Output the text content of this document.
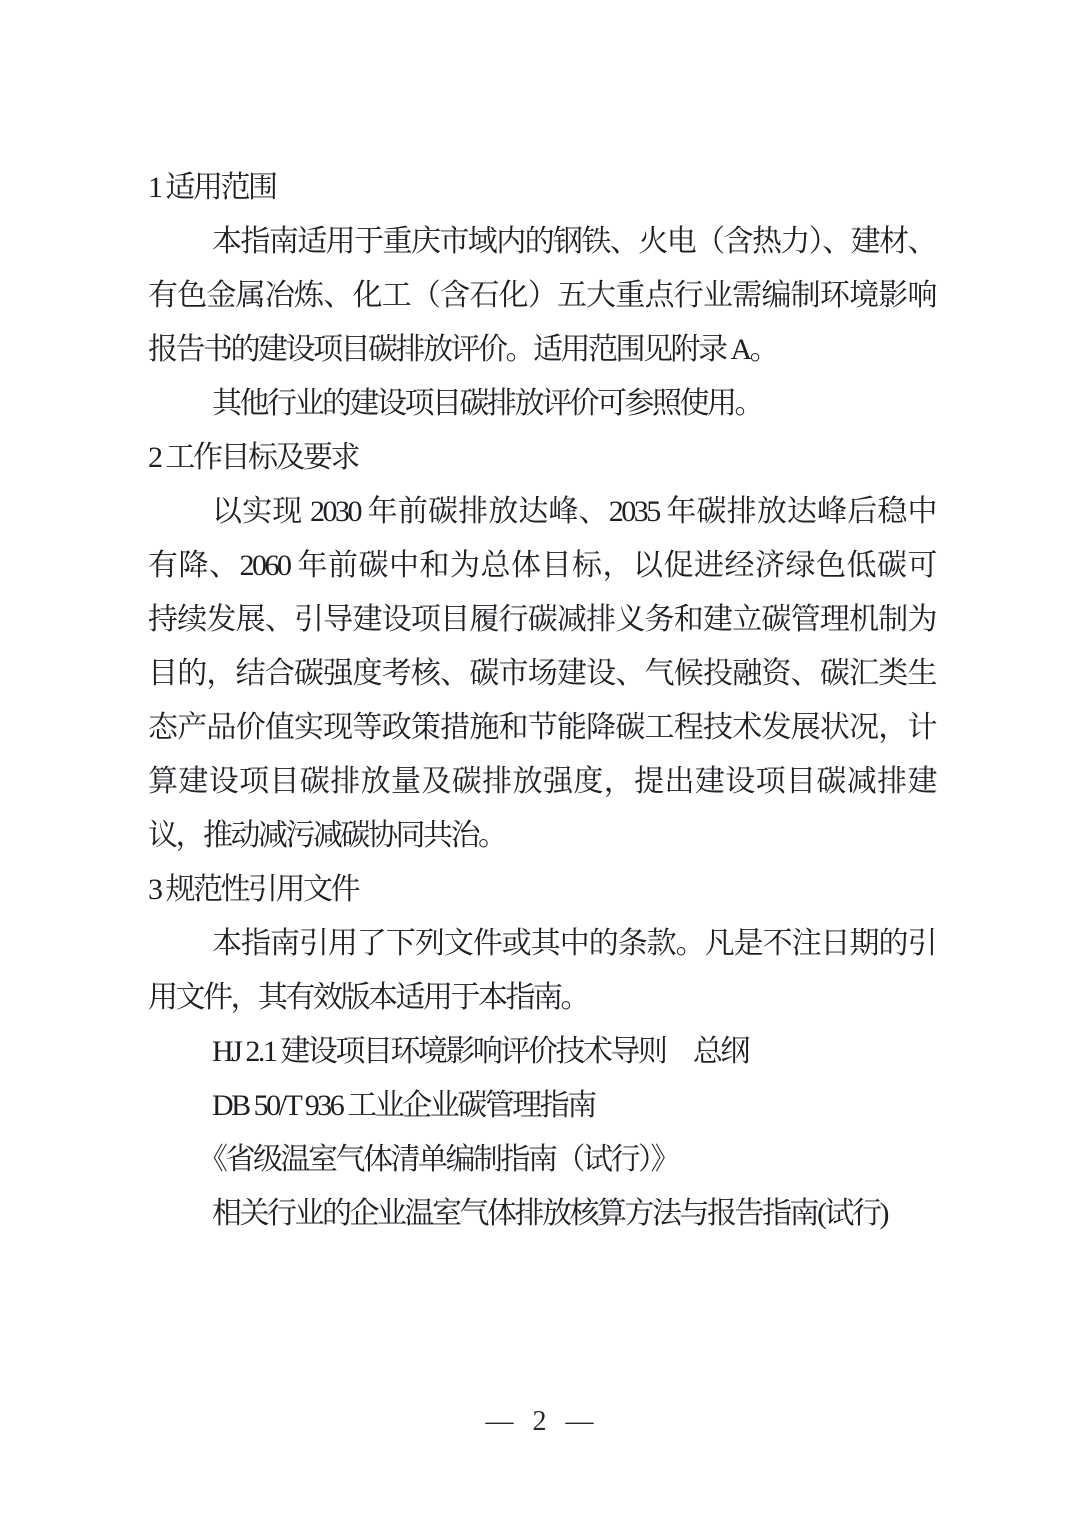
1 适用范围

本指南适用于重庆市域内的钢铁、火电（含热力）、建材、

有色金属冶炼、化工（含石化）五大重点行业需编制环境影响

报告书的建设项目碳排放评价。适用范围见附录 A。

其他行业的建设项目碳排放评价可参照使用。

2 工作目标及要求

以实现 2030 年前碳排放达峰、2035 年碳排放达峰后稳中

有降、2060 年前碳中和为总体目标，以促进经济绿色低碳可

持续发展、引导建设项目履行碳减排义务和建立碳管理机制为

目的，结合碳强度考核、碳市场建设、气候投融资、碳汇类生

态产品价值实现等政策措施和节能降碳工程技术发展状况，计

算建设项目碳排放量及碳排放强度，提出建设项目碳减排建

议，推动减污减碳协同共治。

3 规范性引用文件

本指南引用了下列文件或其中的条款。凡是不注日期的引

用文件，其有效版本适用于本指南。

HJ 2.1 建设项目环境影响评价技术导则　总纲

DB 50/T 936 工业企业碳管理指南

《省级温室气体清单编制指南（试行）》

相关行业的企业温室气体排放核算方法与报告指南(试行)

— 2 —
